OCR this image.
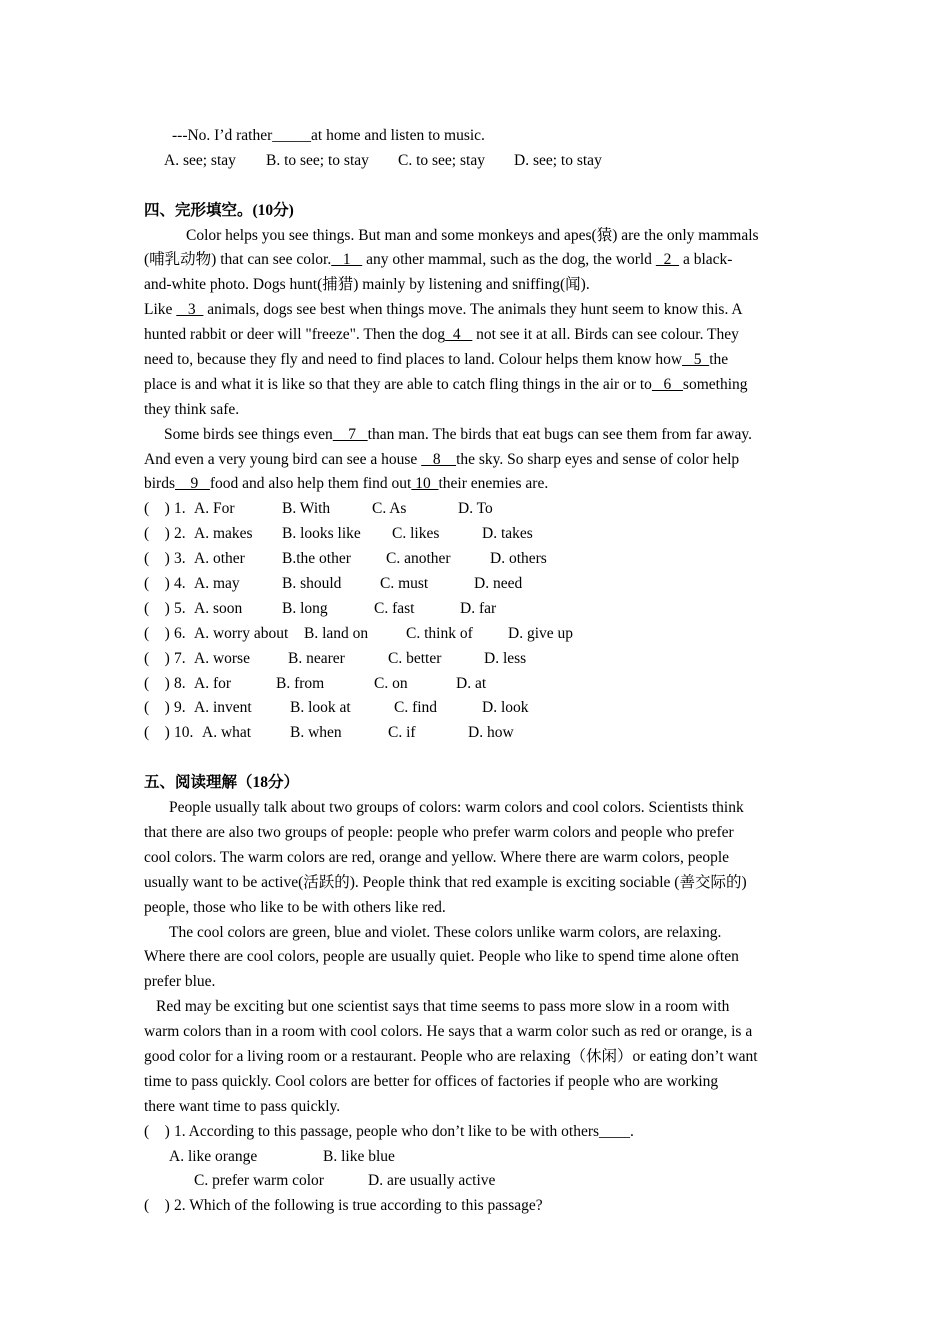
---No. I’d rather_____at home and listen to music.
A. see; stay B. to see; to stay C. to see; stay D. see; to stay
四、完形填空。(10分)
Color helps you see things. But man and some monkeys and apes(猿) are the only mammals
(哺乳动物) that can see color.   1    any other mammal, such as the dog, the world   2   a black-
and-white photo. Dogs hunt(捕猎) mainly by listening and sniffing(闻).
Like    3   animals, dogs see best when things move. The animals they hunt seem to know this. A
hunted rabbit or deer will "freeze". Then the dog  4    not see it at all. Birds can see colour. They
need to, because they fly and need to find places to land. Colour helps them know how   5  the
place is and what it is like so that they are able to catch fling things in the air or to   6   something
they think safe.
Some birds see things even    7   than man. The birds that eat bugs can see them from far away.
And even a very young bird can see a house    8    the sky. So sharp eyes and sense of color help
birds    9   food and also help them find out 10  their enemies are.
(    ) 1. A. For	B. With	C. As	D. To
(    ) 2. A. makes	B. looks like	C. likes	D. takes
(    ) 3. A. other	B.the other	C. another	D. others
(    ) 4. A. may	B. should	C. must	D. need
(    ) 5. A. soon	B. long	C. fast	D. far
(    ) 6. A. worry about	B. land on	C. think of	D. give up
(    ) 7. A. worse	B. nearer	C. better	D. less
(    ) 8. A. for	B. from	C. on	D. at
(    ) 9. A. invent	B. look at	C. find	D. look
(    ) 10. A. what	B. when	C. if	D. how
五、阅读理解（18分）
People usually talk about two groups of colors: warm colors and cool colors. Scientists think
that there are also two groups of people: people who prefer warm colors and people who prefer
cool colors. The warm colors are red, orange and yellow. Where there are warm colors, people
usually want to be active(活跃的). People think that red example is exciting sociable (善交际的)
people, those who like to be with others like red.
The cool colors are green, blue and violet. These colors unlike warm colors, are relaxing.
Where there are cool colors, people are usually quiet. People who like to spend time alone often
prefer blue.
Red may be exciting but one scientist says that time seems to pass more slow in a room with
warm colors than in a room with cool colors. He says that a warm color such as red or orange, is a
good color for a living room or a restaurant. People who are relaxing（休闲）or eating don’t want
time to pass quickly. Cool colors are better for offices of factories if people who are working
there want time to pass quickly.
(    ) 1. According to this passage, people who don’t like to be with others____.
A. like orange	B. like blue
C. prefer warm color	D. are usually active
(    ) 2. Which of the following is true according to this passage?
